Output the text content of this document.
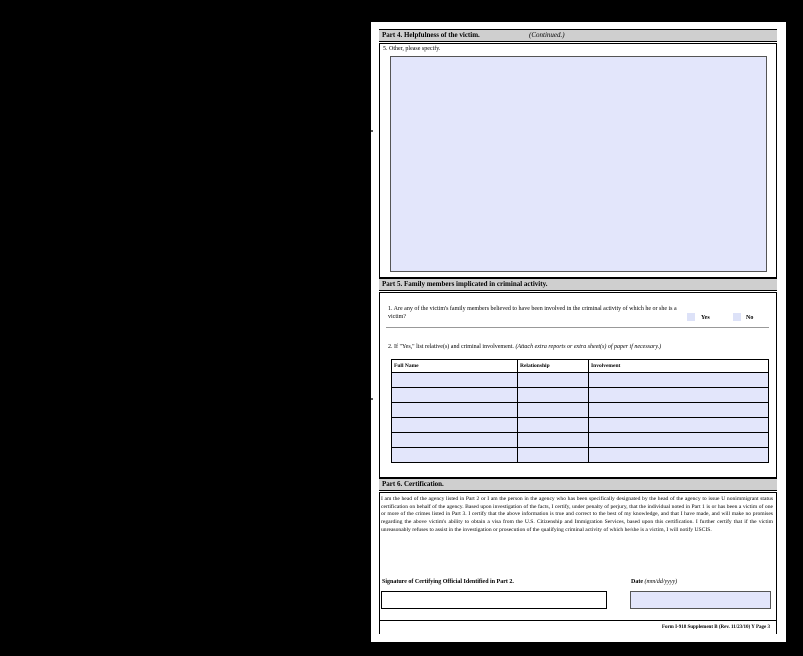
Part 4. Helpfulness of the victim.	(Continued.)
5. Other, please specify.
Part 5. Family members implicated in criminal activity.
1. Are any of the victim's family members believed to have been involved in the criminal activity of which he or she is a victim?	Yes	No
2. If "Yes," list relative(s) and criminal involvement. (Attach extra reports or extra sheet(s) of paper if necessary.)
Full Name	Relationship	Involvement

Part 6. Certification.
I am the head of the agency listed in Part 2 or I am the person in the agency who has been specifically designated by the head of the agency to issue U nonimmigrant status certification on behalf of the agency. Based upon investigation of the facts, I certify, under penalty of perjury, that the individual noted in Part 1 is or has been a victim of one or more of the crimes listed in Part 3. I certify that the above information is true and correct to the best of my knowledge, and that I have made, and will make no promises regarding the above victim's ability to obtain a visa from the U.S. Citizenship and Immigration Services, based upon this certification. I further certify that if the victim unreasonably refuses to assist in the investigation or prosecution of the qualifying criminal activity of which he/she is a victim, I will notify USCIS.
Signature of Certifying Official Identified in Part 2.	Date (mm/dd/yyyy)
Form I-918 Supplement B (Rev. 11/23/10) Y Page 3
